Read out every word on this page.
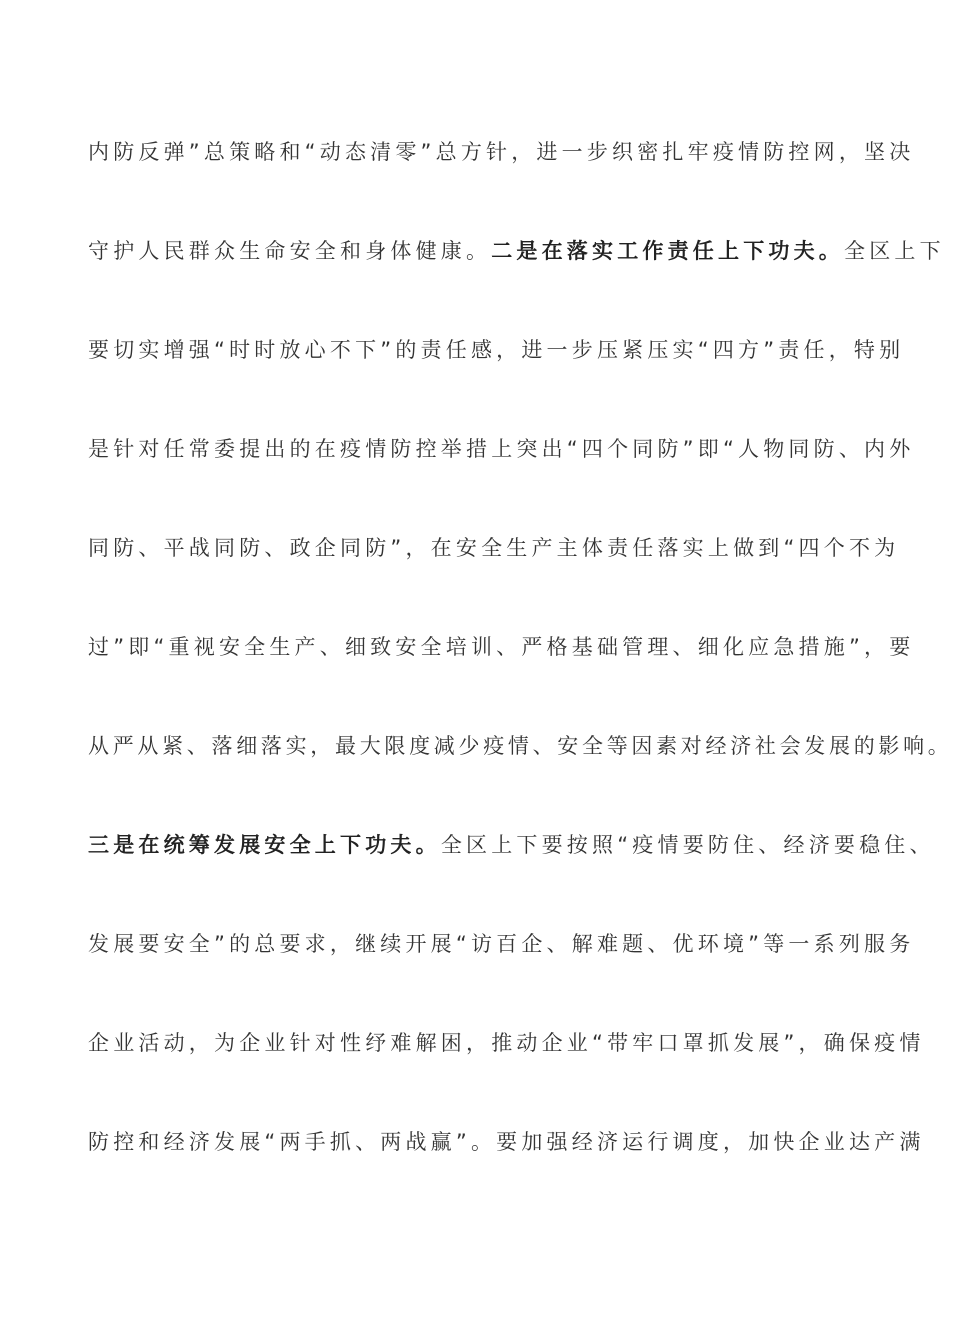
内防反弹”总策略和“动态清零”总方针，进一步织密扎牢疫情防控网，坚决
守护人民群众生命安全和身体健康。二是在落实工作责任上下功夫。全区上下
要切实增强“时时放心不下”的责任感，进一步压紧压实“四方”责任，特别
是针对任常委提出的在疫情防控举措上突出“四个同防”即“人物同防、内外
同防、平战同防、政企同防”，在安全生产主体责任落实上做到“四个不为
过”即“重视安全生产、细致安全培训、严格基础管理、细化应急措施”，要
从严从紧、落细落实，最大限度减少疫情、安全等因素对经济社会发展的影响。
三是在统筹发展安全上下功夫。全区上下要按照“疫情要防住、经济要稳住、
发展要安全”的总要求，继续开展“访百企、解难题、优环境”等一系列服务
企业活动，为企业针对性纾难解困，推动企业“带牢口罩抓发展”，确保疫情
防控和经济发展“两手抓、两战赢”。要加强经济运行调度，加快企业达产满
